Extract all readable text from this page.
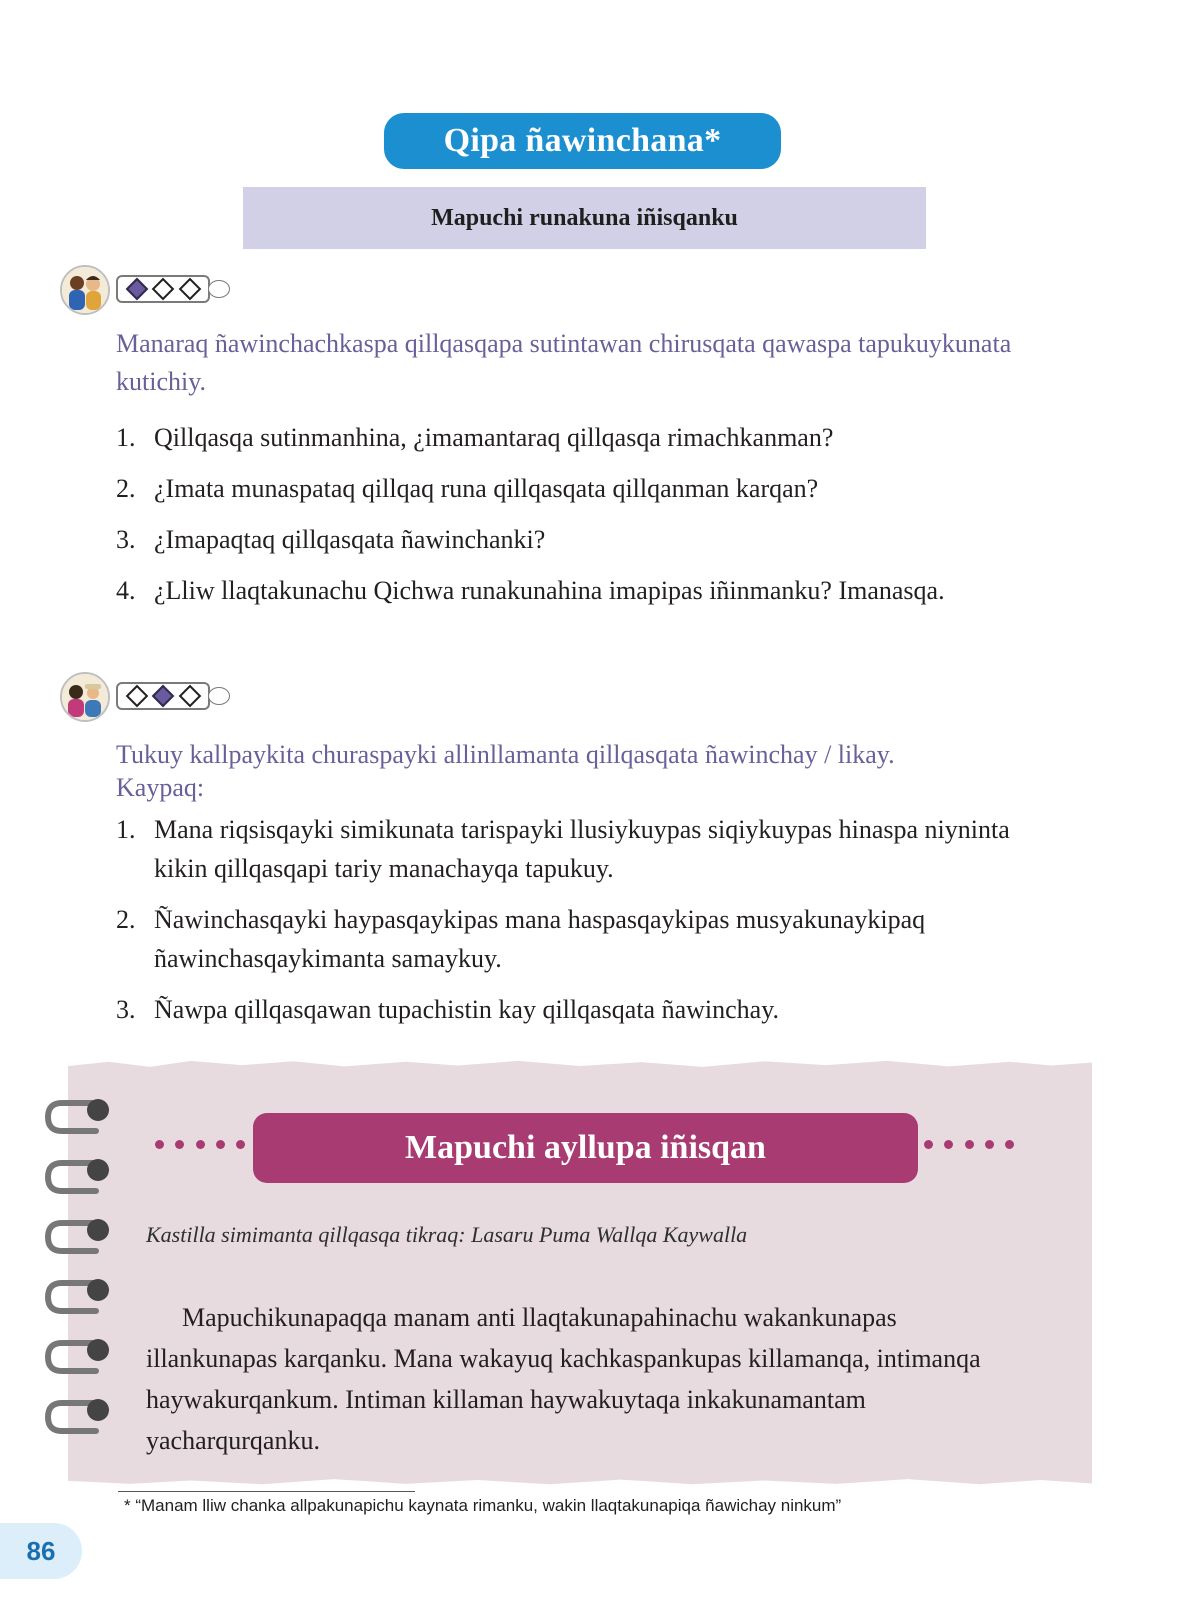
Qipa ñawinchana*
Mapuchi runakuna iñisqanku
Manaraq ñawinchachkaspa qillqasqapa sutintawan chirusqata qawaspa tapukuykunata kutichiy.
1. Qillqasqa sutinmanhina, ¿imamantaraq qillqasqa rimachkanman?
2. ¿Imata munaspataq qillqaq runa qillqasqata qillqanman karqan?
3. ¿Imapaqtaq qillqasqata ñawinchanki?
4. ¿Lliw llaqtakunachu Qichwa runakunahina imapipas iñinmanku? Imanasqa.
Tukuy kallpaykita churaspayki allinllamanta qillqasqata ñawinchay / likay.
Kaypaq:
1. Mana riqsisqayki simikunata tarispayki llusiykuypas siqiykuypas hinaspa niyninta kikin qillqasqapi tariy manachayqa tapukuy.
2. Ñawinchasqayki haypasqaykipas mana haspasqaykipas musyakunaykipaq ñawinchasqaykimanta samaykuy.
3. Ñawpa qillqasqawan tupachistin kay qillqasqata ñawinchay.
Mapuchi ayllupa iñisqan
Kastilla simimanta qillqasqa tikraq: Lasaru Puma Wallqa Kaywalla

Mapuchikunapaqqa manam anti llaqtakunapahinachu wakankunapas illankunapas karqanku. Mana wakayuq kachkaspankupas killamanqa, intimanqa haywakurqankum. Intiman killaman haywakuytaqa inkakunamantam yacharqurqanku.

* “Manam lliw chanka allpakunapichu kaynata rimanku, wakin llaqtakunapiqa ñawichay ninkum”
86
